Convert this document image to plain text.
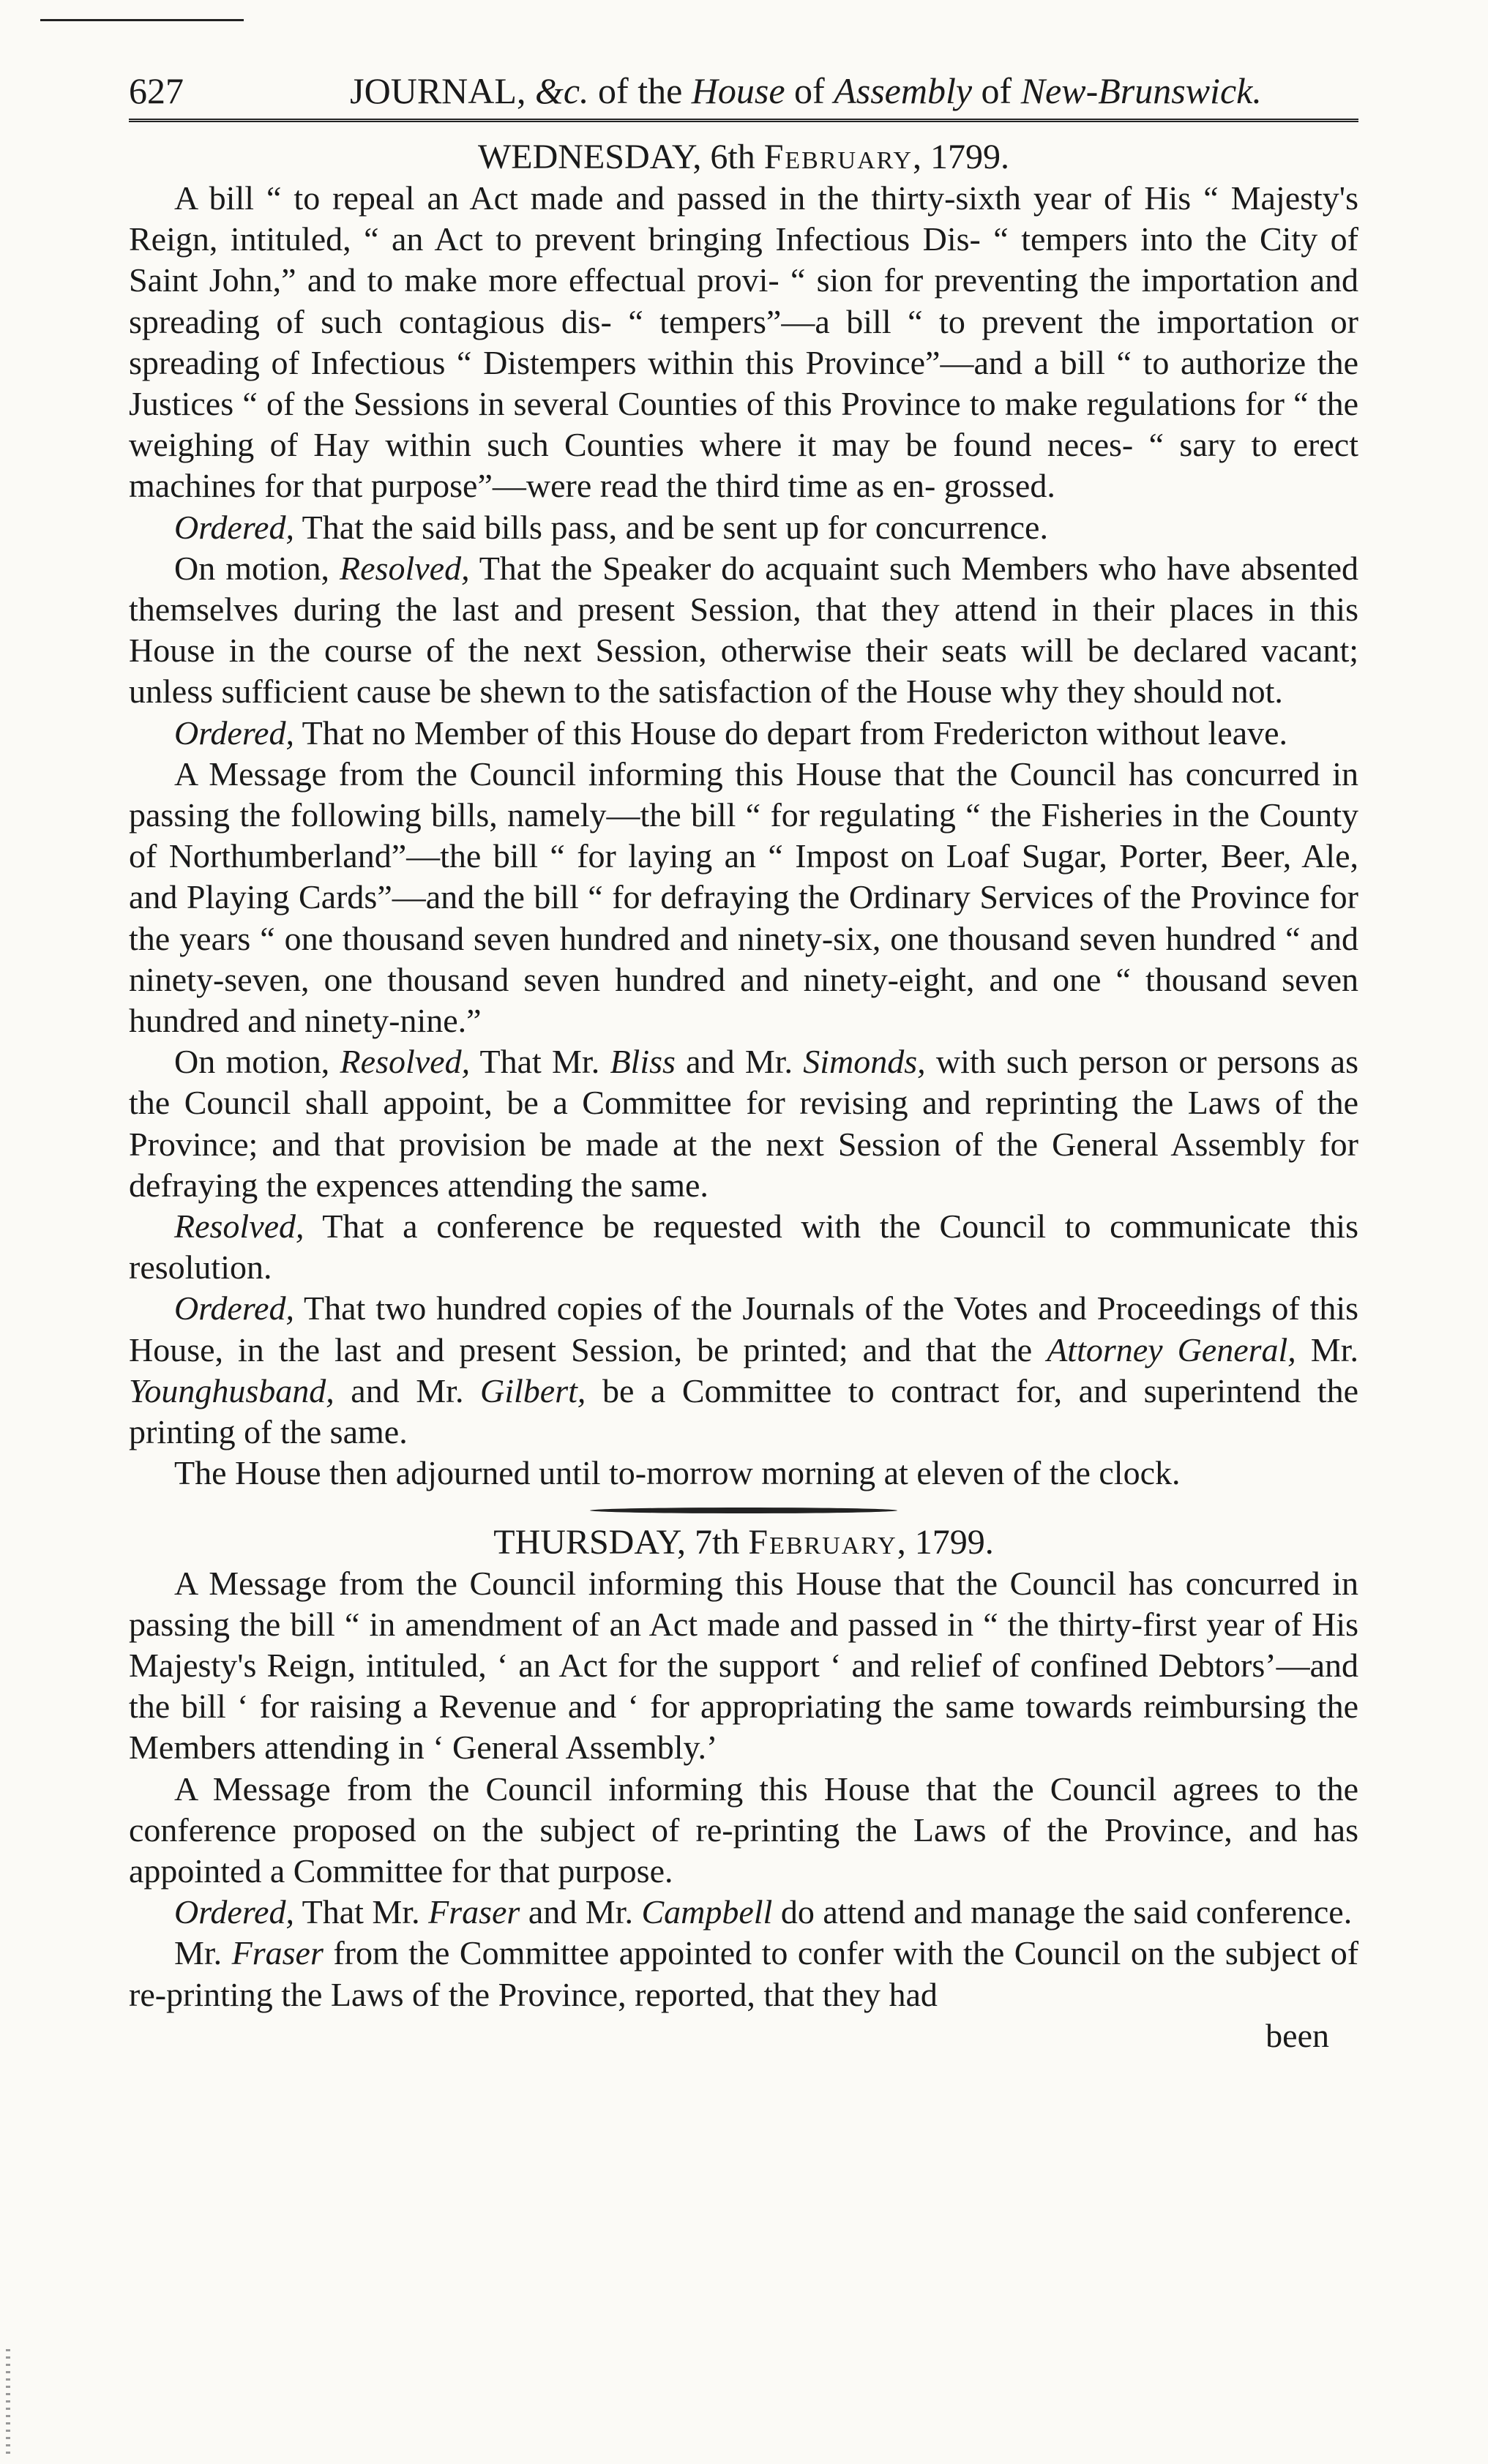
627	JOURNAL, &c. of the House of Assembly of New-Brunswick.
WEDNESDAY, 6th February, 1799.

A bill “ to repeal an Act made and passed in the thirty-sixth year of His “ Majesty's Reign, intituled, “ an Act to prevent bringing Infectious Dis- “ tempers into the City of Saint John,” and to make more effectual provi- “ sion for preventing the importation and spreading of such contagious dis- “ tempers”—a bill “ to prevent the importation or spreading of Infectious “ Distempers within this Province”—and a bill “ to authorize the Justices “ of the Sessions in several Counties of this Province to make regulations for “ the weighing of Hay within such Counties where it may be found neces- “ sary to erect machines for that purpose”—were read the third time as en- grossed.

Ordered, That the said bills pass, and be sent up for concurrence.

On motion, Resolved, That the Speaker do acquaint such Members who have absented themselves during the last and present Session, that they attend in their places in this House in the course of the next Session, otherwise their seats will be declared vacant; unless sufficient cause be shewn to the satisfaction of the House why they should not.

Ordered, That no Member of this House do depart from Fredericton without leave.

A Message from the Council informing this House that the Council has concurred in passing the following bills, namely—the bill “ for regulating “ the Fisheries in the County of Northumberland”—the bill “ for laying an “ Impost on Loaf Sugar, Porter, Beer, Ale, and Playing Cards”—and the bill “ for defraying the Ordinary Services of the Province for the years “ one thousand seven hundred and ninety-six, one thousand seven hundred “ and ninety-seven, one thousand seven hundred and ninety-eight, and one “ thousand seven hundred and ninety-nine.”

On motion, Resolved, That Mr. Bliss and Mr. Simonds, with such person or persons as the Council shall appoint, be a Committee for revising and reprinting the Laws of the Province; and that provision be made at the next Session of the General Assembly for defraying the expences attending the same.

Resolved, That a conference be requested with the Council to communicate this resolution.

Ordered, That two hundred copies of the Journals of the Votes and Proceedings of this House, in the last and present Session, be printed; and that the Attorney General, Mr. Younghusband, and Mr. Gilbert, be a Committee to contract for, and superintend the printing of the same.

The House then adjourned until to-morrow morning at eleven of the clock.

THURSDAY, 7th February, 1799.

A Message from the Council informing this House that the Council has concurred in passing the bill “ in amendment of an Act made and passed in “ the thirty-first year of His Majesty's Reign, intituled, ‘ an Act for the support ‘ and relief of confined Debtors’—and the bill ‘ for raising a Revenue and ‘ for appropriating the same towards reimbursing the Members attending in ‘ General Assembly.’

A Message from the Council informing this House that the Council agrees to the conference proposed on the subject of re-printing the Laws of the Province, and has appointed a Committee for that purpose.

Ordered, That Mr. Fraser and Mr. Campbell do attend and manage the said conference.

Mr. Fraser from the Committee appointed to confer with the Council on the subject of re-printing the Laws of the Province, reported, that they had

been
